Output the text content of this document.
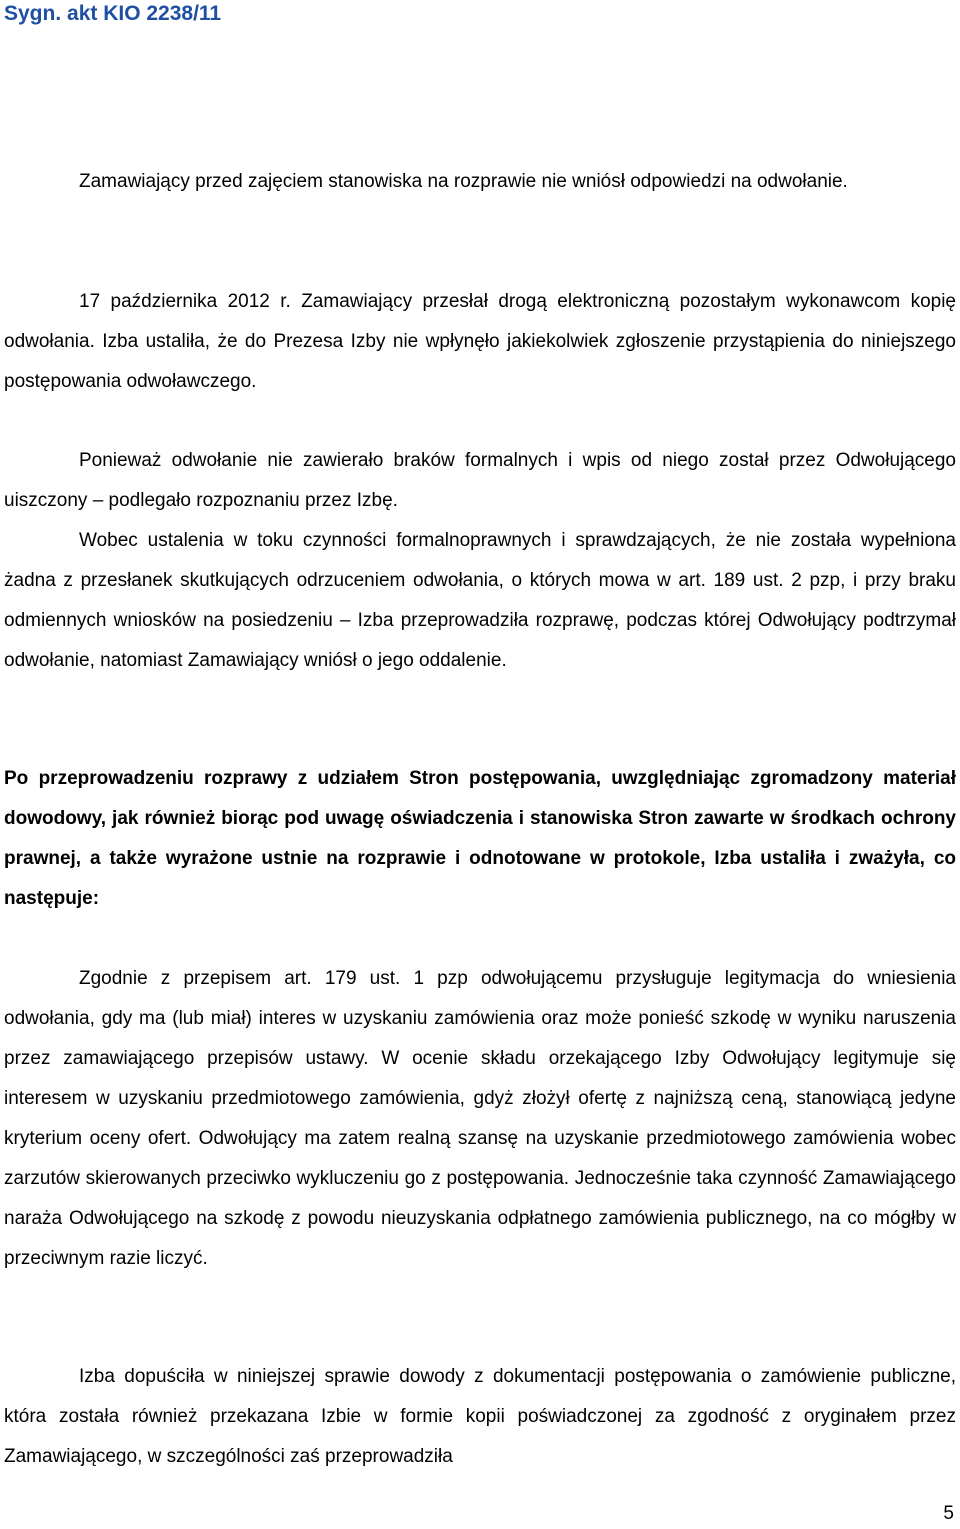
Sygn. akt KIO 2238/11

Zamawiający przed zajęciem stanowiska na rozprawie nie wniósł odpowiedzi na odwołanie.

17 października 2012 r. Zamawiający przesłał drogą elektroniczną pozostałym wykonawcom kopię odwołania. Izba ustaliła, że do Prezesa Izby nie wpłynęło jakiekolwiek zgłoszenie przystąpienia do niniejszego postępowania odwoławczego.

Ponieważ odwołanie nie zawierało braków formalnych i wpis od niego został przez Odwołującego uiszczony – podlegało rozpoznaniu przez Izbę.

Wobec ustalenia w toku czynności formalnoprawnych i sprawdzających, że nie została wypełniona żadna z przesłanek skutkujących odrzuceniem odwołania, o których mowa w art. 189 ust. 2 pzp, i przy braku odmiennych wniosków na posiedzeniu – Izba przeprowadziła rozprawę, podczas której Odwołujący podtrzymał odwołanie, natomiast Zamawiający wniósł o jego oddalenie.

Po przeprowadzeniu rozprawy z udziałem Stron postępowania, uwzględniając zgromadzony materiał dowodowy, jak również biorąc pod uwagę oświadczenia i stanowiska Stron zawarte w środkach ochrony prawnej, a także wyrażone ustnie na rozprawie i odnotowane w protokole, Izba ustaliła i zważyła, co następuje:

Zgodnie z przepisem art. 179 ust. 1 pzp odwołującemu przysługuje legitymacja do wniesienia odwołania, gdy ma (lub miał) interes w uzyskaniu zamówienia oraz może ponieść szkodę w wyniku naruszenia przez zamawiającego przepisów ustawy. W ocenie składu orzekającego Izby Odwołujący legitymuje się interesem w uzyskaniu przedmiotowego zamówienia, gdyż złożył ofertę z najniższą ceną, stanowiącą jedyne kryterium oceny ofert. Odwołujący ma zatem realną szansę na uzyskanie przedmiotowego zamówienia wobec zarzutów skierowanych przeciwko wykluczeniu go z postępowania. Jednocześnie taka czynność Zamawiającego naraża Odwołującego na szkodę z powodu nieuzyskania odpłatnego zamówienia publicznego, na co mógłby w przeciwnym razie liczyć.

Izba dopuściła w niniejszej sprawie dowody z dokumentacji postępowania o zamówienie publiczne, która została również przekazana Izbie w formie kopii poświadczonej za zgodność z oryginałem przez Zamawiającego, w szczególności zaś przeprowadziła

5
